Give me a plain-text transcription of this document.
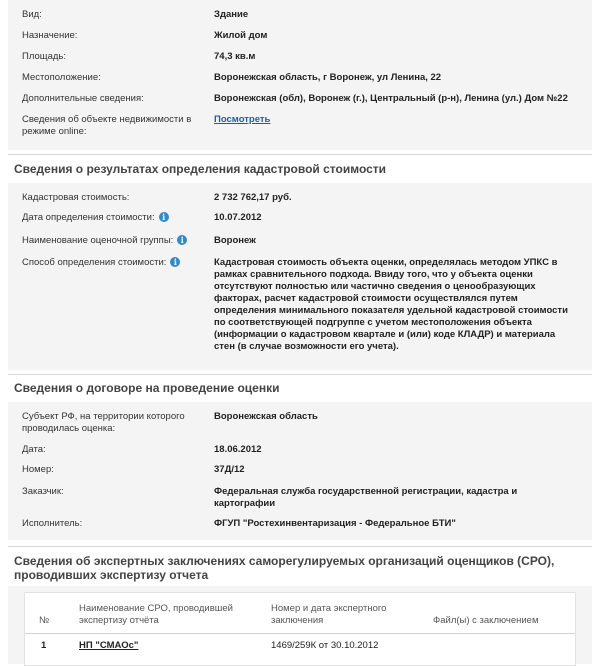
Вид:	Здание
Назначение:	Жилой дом
Площадь:	74,3 кв.м
Местоположение:	Воронежская область, г Воронеж, ул Ленина, 22
Дополнительные сведения:	Воронежская (обл), Воронеж (г.), Центральный (р-н), Ленина (ул.) Дом №22
Сведения об объекте недвижимости в режиме online:
Посмотреть
Сведения о результатах определения кадастровой стоимости
Кадастровая стоимость:	2 732 762,17 руб.
Дата определения стоимости: i	10.07.2012
Наименование оценочной группы: i	Воронеж
Способ определения стоимости: i	Кадастровая стоимость объекта оценки, определялась методом УПКС в рамках сравнительного подхода. Ввиду того, что у объекта оценки отсутствуют полностью или частично сведения о ценообразующих факторах, расчет кадастровой стоимости осуществлялся путем определения минимального показателя удельной кадастровой стоимости по соответствующей подгруппе с учетом местоположения объекта (информации о кадастровом квартале и (или) коде КЛАДР) и материала стен (в случае возможности его учета).
Сведения о договоре на проведение оценки
Субъект РФ, на территории которого проводилась оценка:
Воронежская область
Дата:	18.06.2012
Номер:	37Д/12
Заказчик:	Федеральная служба государственной регистрации, кадастра и картографии
Исполнитель:	ФГУП "Ростехинвентаризация - Федеральное БТИ"
Сведения об экспертных заключениях саморегулируемых организаций оценщиков (СРО), проводивших экспертизу отчета
№
Наименование СРО, проводившей экспертизу отчёта
Номер и дата экспертного заключения	Файл(ы) с заключением
1	НП "СМАОс"	1469/259К от 30.10.2012
